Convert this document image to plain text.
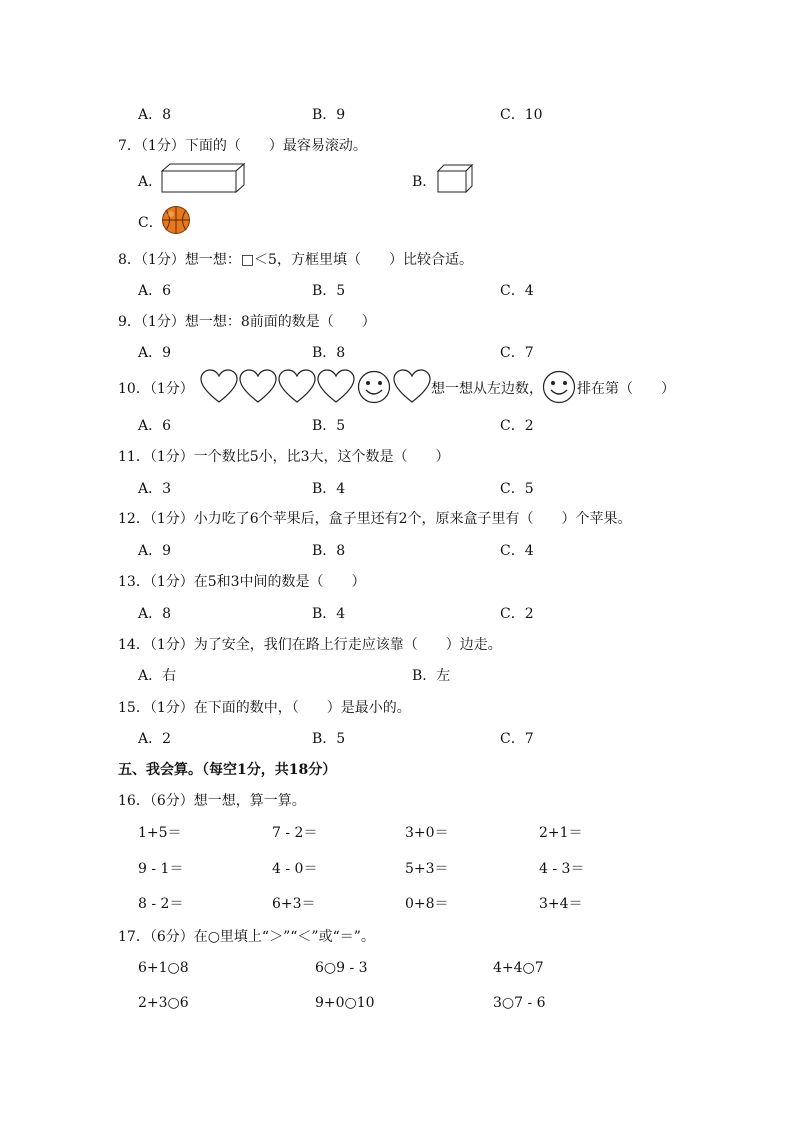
A．8	B．9	C．10
7．（1分）下面的（　　）最容易滚动。
A．	B．
C．
8．（1分）想一想：□＜5，方框里填（　　）比较合适。
A．6	B．5	C．4
9．（1分）想一想：8前面的数是（　　）
A．9	B．8	C．7
10．（1分）	想一想从左边数， 排在第（　　）
A．6	B．5	C．2
11．（1分）一个数比5小，比3大，这个数是（　　）
A．3	B．4	C．5
12．（1分）小力吃了6个苹果后，盒子里还有2个，原来盒子里有（　　）个苹果。
A．9	B．8	C．4
13．（1分）在5和3中间的数是（　　）
A．8	B．4	C．2
14．（1分）为了安全，我们在路上行走应该靠（　　）边走。
A．右	B．左
15．（1分）在下面的数中，（　　）是最小的。
A．2	B．5	C．7
五、我会算。（每空1分，共18分）
16．（6分）想一想，算一算。
1+5＝	7 - 2＝	3+0＝	2+1＝
9 - 1＝	4 - 0＝	5+3＝	4 - 3＝
8 - 2＝	6+3＝	0+8＝	3+4＝
17．（6分）在○里填上“＞”“＜”或“＝”。
6+1○8	6○9 - 3	4+4○7
2+3○6	9+0○10	3○7 - 6
